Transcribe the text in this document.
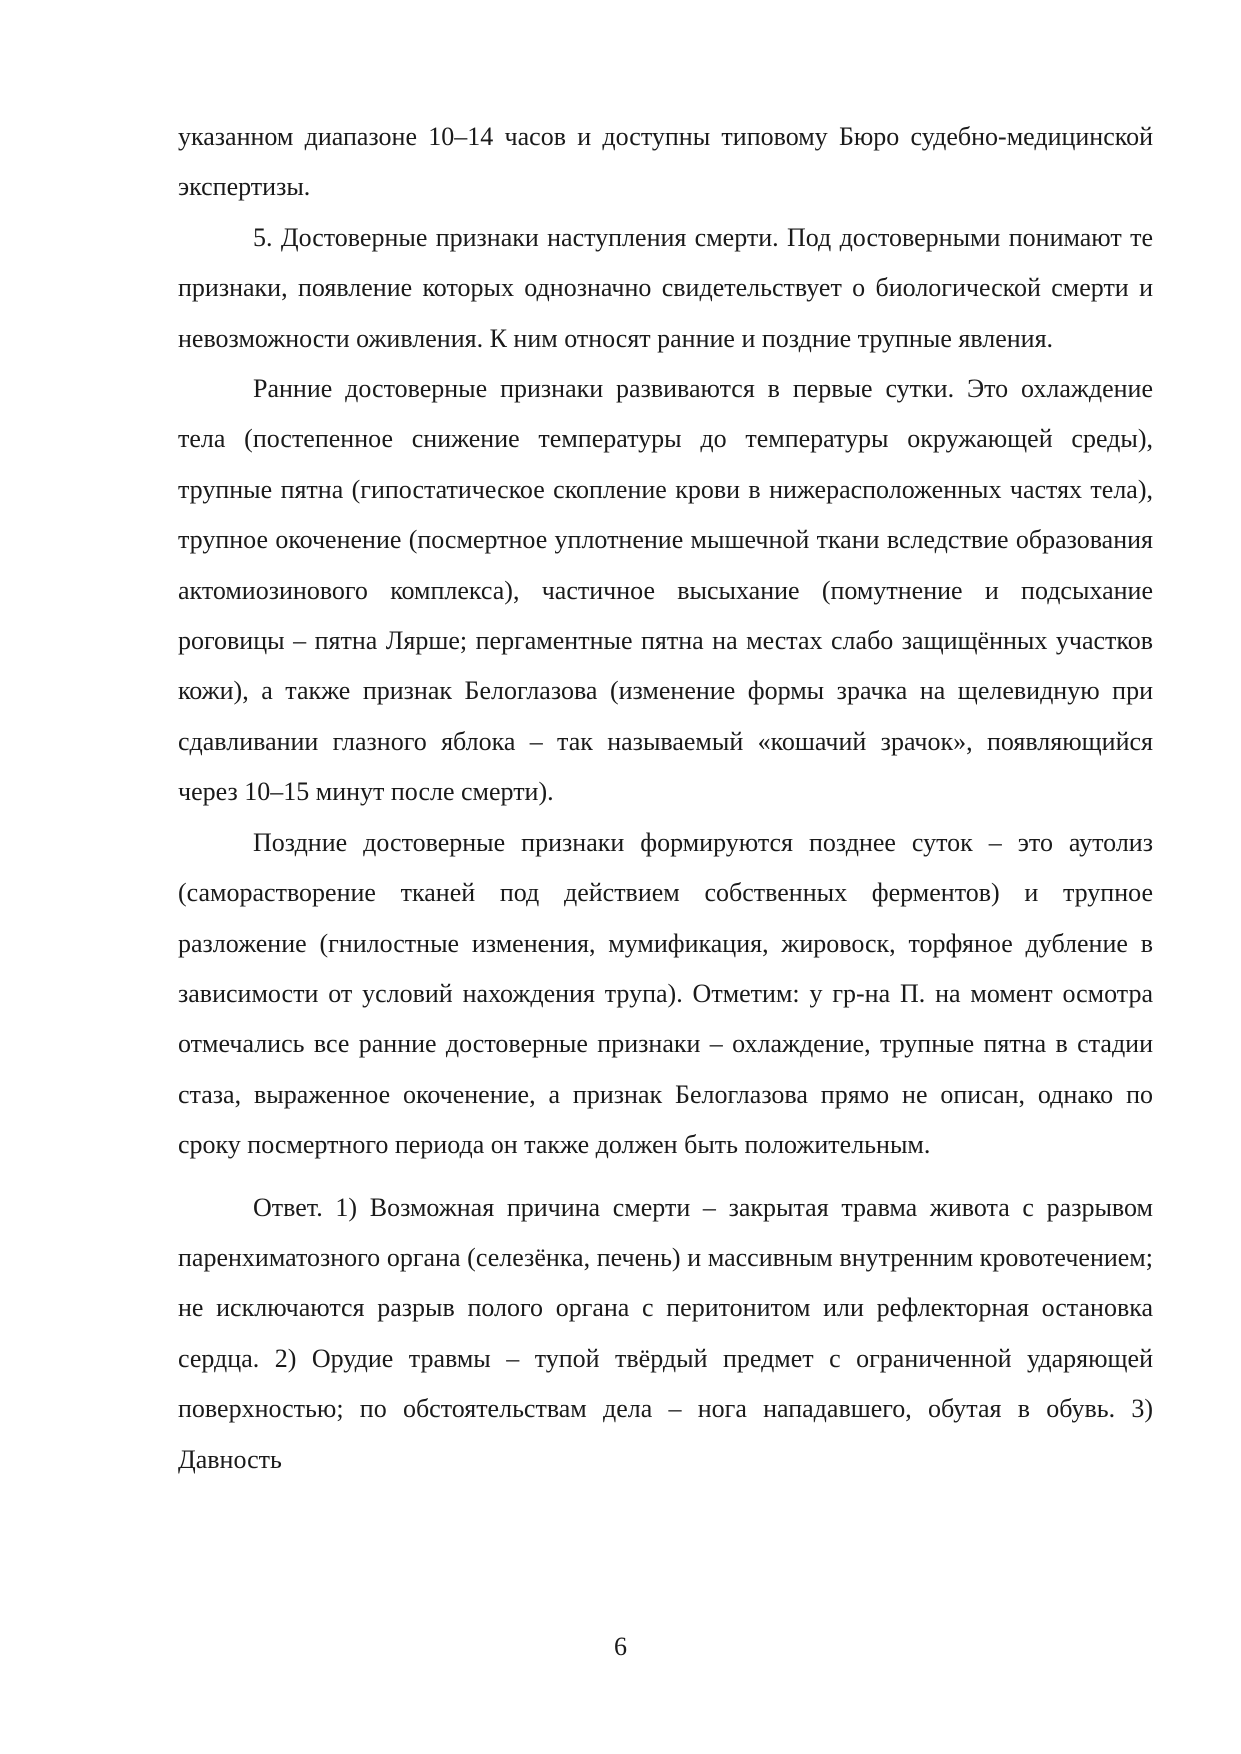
указанном диапазоне 10–14 часов и доступны типовому Бюро судебно-медицинской экспертизы.

5. Достоверные признаки наступления смерти. Под достоверными понимают те признаки, появление которых однозначно свидетельствует о биологической смерти и невозможности оживления. К ним относят ранние и поздние трупные явления.

Ранние достоверные признаки развиваются в первые сутки. Это охлаждение тела (постепенное снижение температуры до температуры окружающей среды), трупные пятна (гипостатическое скопление крови в нижерасположенных частях тела), трупное окоченение (посмертное уплотнение мышечной ткани вследствие образования актомиозинового комплекса), частичное высыхание (помутнение и подсыхание роговицы – пятна Лярше; пергаментные пятна на местах слабо защищённых участков кожи), а также признак Белоглазова (изменение формы зрачка на щелевидную при сдавливании глазного яблока – так называемый «кошачий зрачок», появляющийся через 10–15 минут после смерти).

Поздние достоверные признаки формируются позднее суток – это аутолиз (саморастворение тканей под действием собственных ферментов) и трупное разложение (гнилостные изменения, мумификация, жировоск, торфяное дубление в зависимости от условий нахождения трупа). Отметим: у гр-на П. на момент осмотра отмечались все ранние достоверные признаки – охлаждение, трупные пятна в стадии стаза, выраженное окоченение, а признак Белоглазова прямо не описан, однако по сроку посмертного периода он также должен быть положительным.

Ответ. 1) Возможная причина смерти – закрытая травма живота с разрывом паренхиматозного органа (селезёнка, печень) и массивным внутренним кровотечением; не исключаются разрыв полого органа с перитонитом или рефлекторная остановка сердца. 2) Орудие травмы – тупой твёрдый предмет с ограниченной ударяющей поверхностью; по обстоятельствам дела – нога нападавшего, обутая в обувь. 3) Давность

6
